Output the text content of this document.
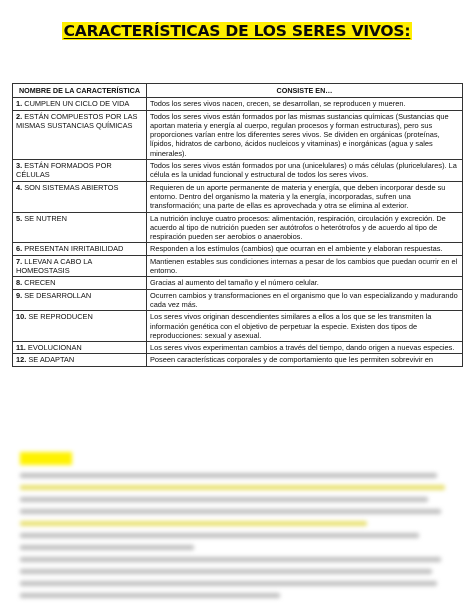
CARACTERÍSTICAS DE LOS SERES VIVOS:
NOMBRE DE LA CARACTERÍSTICA	CONSISTE EN…
1. CUMPLEN UN CICLO DE VIDA	Todos los seres vivos nacen, crecen, se desarrollan, se reproducen y mueren.
2. ESTÁN COMPUESTOS POR LAS MISMAS SUSTANCIAS QUÍMICAS	Todos los seres vivos están formados por las mismas sustancias químicas (Sustancias que aportan materia y energía al cuerpo, regulan procesos y forman estructuras), pero sus proporciones varían entre los diferentes seres vivos. Se dividen en orgánicas (proteínas, lípidos, hidratos de carbono, ácidos nucleicos y vitaminas) e inorgánicas (agua y sales minerales).
3. ESTÁN FORMADOS POR CÉLULAS	Todos los seres vivos están formados por una (unicelulares) o más células (pluricelulares). La célula es la unidad funcional y estructural de todos los seres vivos.
4. SON SISTEMAS ABIERTOS	Requieren de un aporte permanente de materia y energía, que deben incorporar desde su entorno. Dentro del organismo la materia y la energía, incorporadas, sufren una transformación; una parte de ellas es aprovechada y otra se elimina al exterior.
5. SE NUTREN	La nutrición incluye cuatro procesos: alimentación, respiración, circulación y excreción. De acuerdo al tipo de nutrición pueden ser autótrofos o heterótrofos y de acuerdo al tipo de respiración pueden ser aerobios o anaerobios.
6. PRESENTAN IRRITABILIDAD	Responden a los estímulos (cambios) que ocurran en el ambiente y elaboran respuestas.
7. LLEVAN A CABO LA HOMEOSTASIS	Mantienen estables sus condiciones internas a pesar de los cambios que puedan ocurrir en el entorno.
8. CRECEN	Gracias al aumento del tamaño y el número celular.
9. SE DESARROLLAN	Ocurren cambios y transformaciones en el organismo que lo van especializando y madurando cada vez más.
10. SE REPRODUCEN	Los seres vivos originan descendientes similares a ellos a los que se les transmiten la información genética con el objetivo de perpetuar la especie. Existen dos tipos de reproducciones: sexual y asexual.
11. EVOLUCIONAN	Los seres vivos experimentan cambios a través del tiempo, dando origen a nuevas especies.
12. SE ADAPTAN	Poseen características corporales y de comportamiento que les permiten sobrevivir en
